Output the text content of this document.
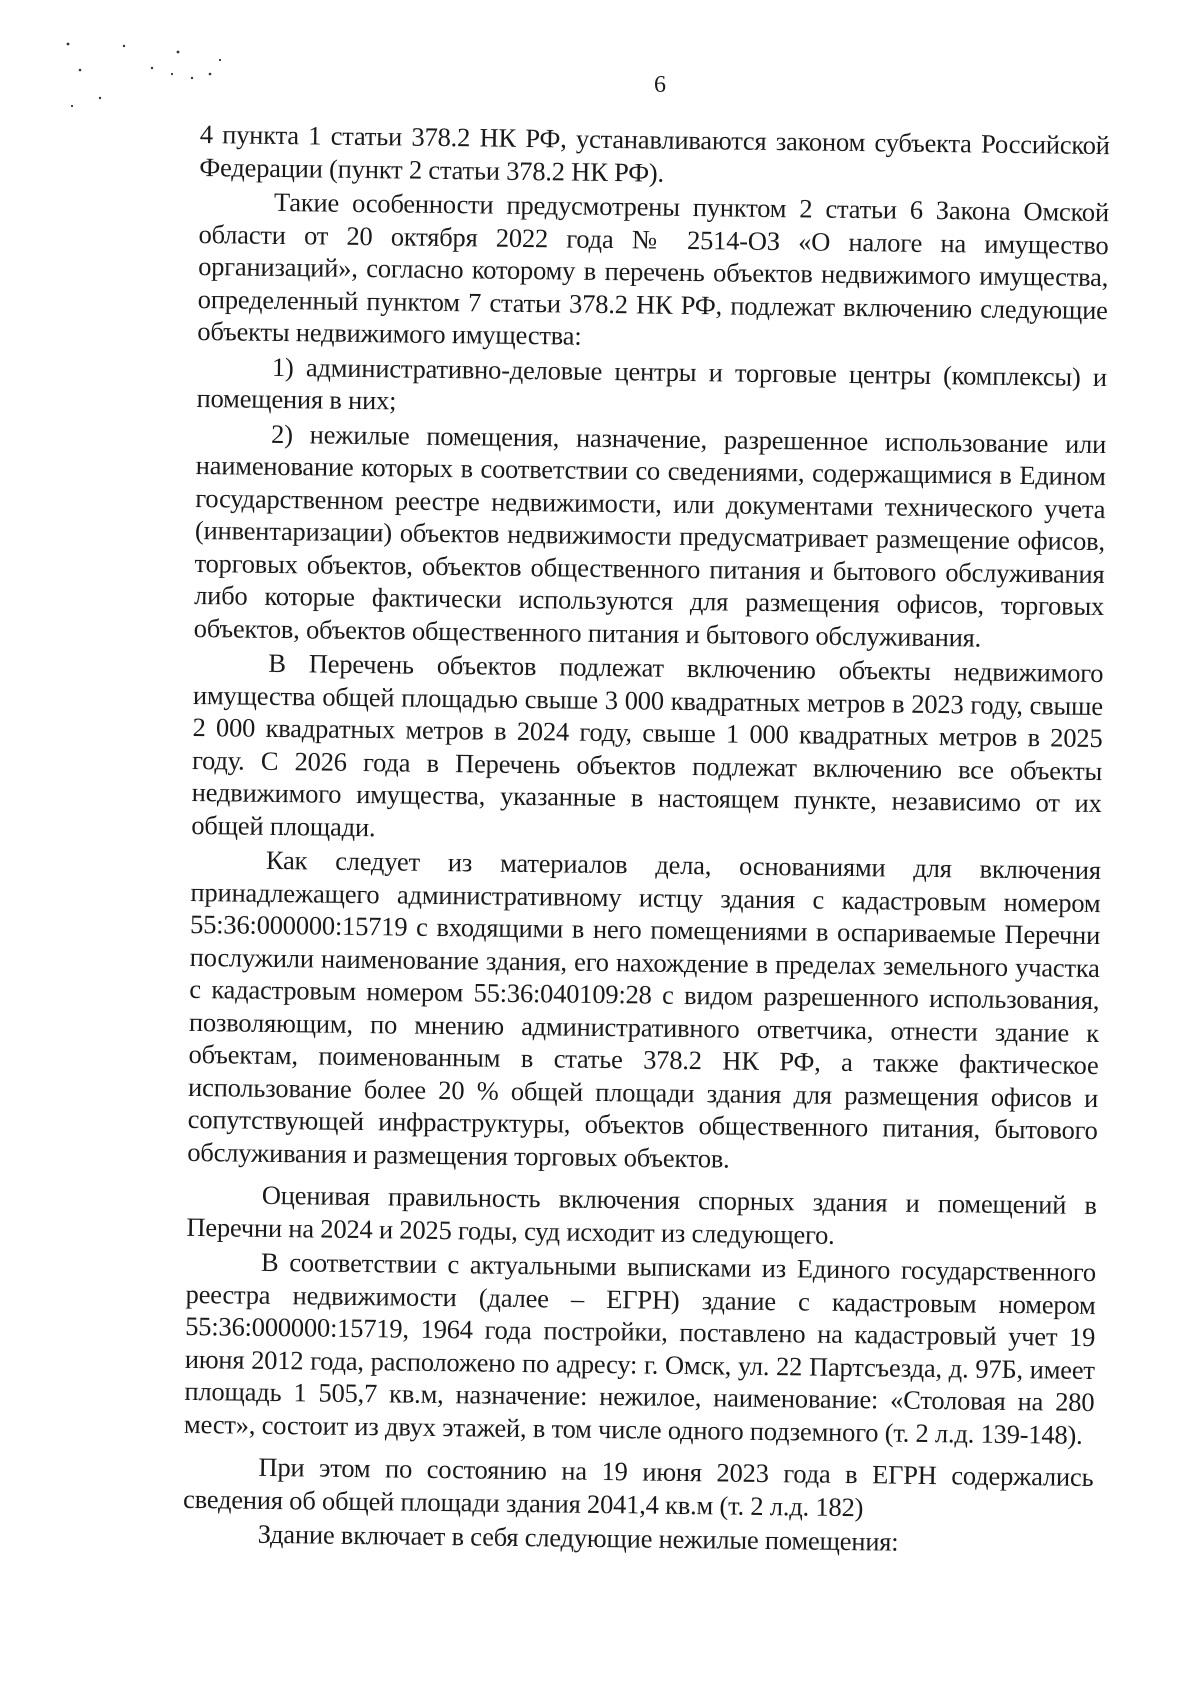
6

4 пункта 1 статьи 378.2 НК РФ, устанавливаются законом субъекта Российской Федерации (пункт 2 статьи 378.2 НК РФ).

Такие особенности предусмотрены пунктом 2 статьи 6 Закона Омской области от 20 октября 2022 года № 2514-ОЗ «О налоге на имущество организаций», согласно которому в перечень объектов недвижимого имущества, определенный пунктом 7 статьи 378.2 НК РФ, подлежат включению следующие объекты недвижимого имущества:

1) административно-деловые центры и торговые центры (комплексы) и помещения в них;

2) нежилые помещения, назначение, разрешенное использование или наименование которых в соответствии со сведениями, содержащимися в Едином государственном реестре недвижимости, или документами технического учета (инвентаризации) объектов недвижимости предусматривает размещение офисов, торговых объектов, объектов общественного питания и бытового обслуживания либо которые фактически используются для размещения офисов, торговых объектов, объектов общественного питания и бытового обслуживания.

В Перечень объектов подлежат включению объекты недвижимого имущества общей площадью свыше 3 000 квадратных метров в 2023 году, свыше 2 000 квадратных метров в 2024 году, свыше 1 000 квадратных метров в 2025 году. С 2026 года в Перечень объектов подлежат включению все объекты недвижимого имущества, указанные в настоящем пункте, независимо от их общей площади.

Как следует из материалов дела, основаниями для включения принадлежащего административному истцу здания с кадастровым номером 55:36:000000:15719 с входящими в него помещениями в оспариваемые Перечни послужили наименование здания, его нахождение в пределах земельного участка с кадастровым номером 55:36:040109:28 с видом разрешенного использования, позволяющим, по мнению административного ответчика, отнести здание к объектам, поименованным в статье 378.2 НК РФ, а также фактическое использование более 20 % общей площади здания для размещения офисов и сопутствующей инфраструктуры, объектов общественного питания, бытового обслуживания и размещения торговых объектов.

Оценивая правильность включения спорных здания и помещений в Перечни на 2024 и 2025 годы, суд исходит из следующего.

В соответствии с актуальными выписками из Единого государственного реестра недвижимости (далее – ЕГРН) здание с кадастровым номером 55:36:000000:15719, 1964 года постройки, поставлено на кадастровый учет 19 июня 2012 года, расположено по адресу: г. Омск, ул. 22 Партсъезда, д. 97Б, имеет площадь 1 505,7 кв.м, назначение: нежилое, наименование: «Столовая на 280 мест», состоит из двух этажей, в том числе одного подземного (т. 2 л.д. 139-148).

При этом по состоянию на 19 июня 2023 года в ЕГРН содержались сведения об общей площади здания 2041,4 кв.м (т. 2 л.д. 182)

Здание включает в себя следующие нежилые помещения:
